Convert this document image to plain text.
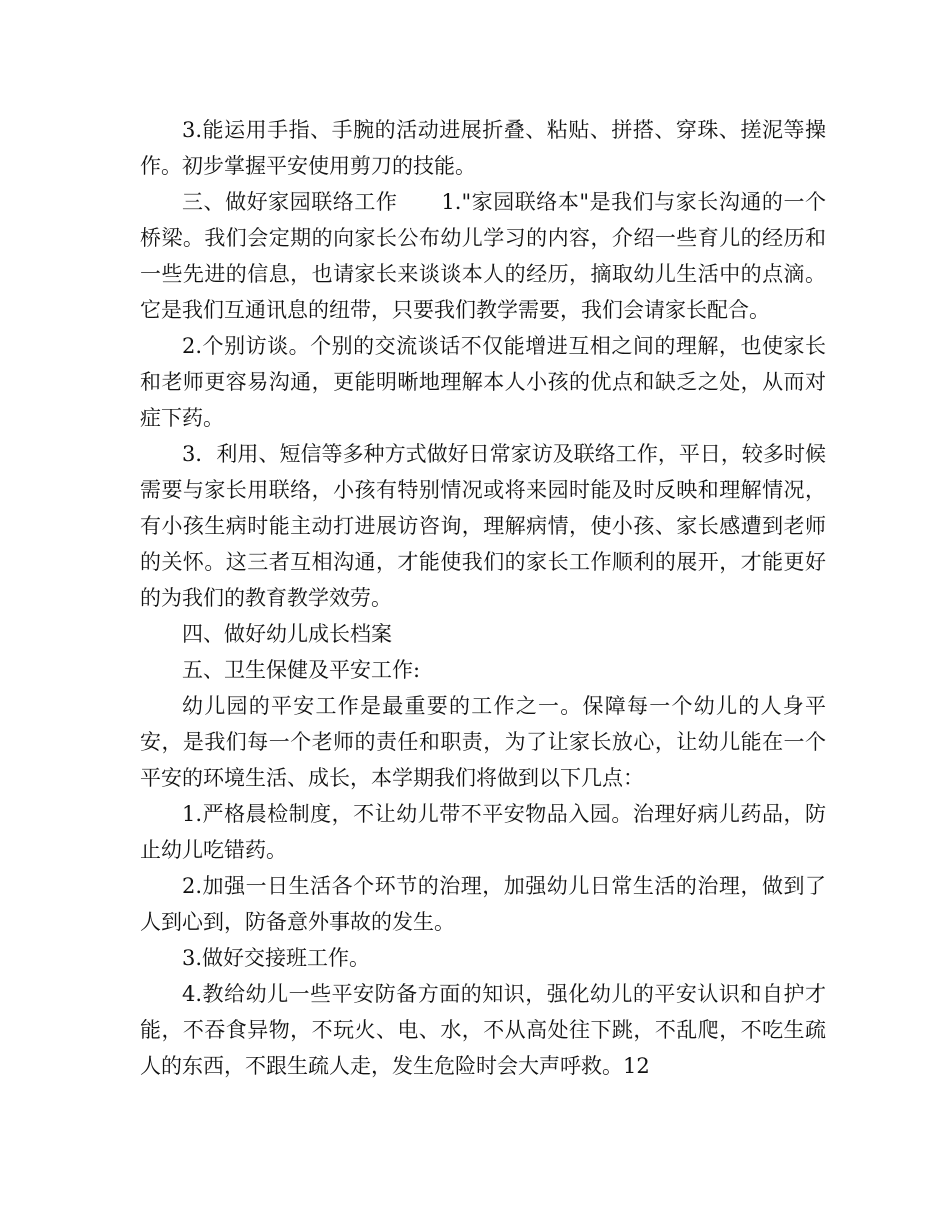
3.能运用手指、手腕的活动进展折叠、粘贴、拼搭、穿珠、搓泥等操作。初步掌握平安使用剪刀的技能。

三、做好家园联络工作 1."家园联络本"是我们与家长沟通的一个桥梁。我们会定期的向家长公布幼儿学习的内容，介绍一些育儿的经历和一些先进的信息，也请家长来谈谈本人的经历，摘取幼儿生活中的点滴。它是我们互通讯息的纽带，只要我们教学需要，我们会请家长配合。

2.个别访谈。个别的交流谈话不仅能增进互相之间的理解，也使家长和老师更容易沟通，更能明晰地理解本人小孩的优点和缺乏之处，从而对症下药。

3．利用、短信等多种方式做好日常家访及联络工作，平日，较多时候需要与家长用联络，小孩有特别情况或将来园时能及时反映和理解情况，有小孩生病时能主动打进展访咨询，理解病情，使小孩、家长感遭到老师的关怀。这三者互相沟通，才能使我们的家长工作顺利的展开，才能更好的为我们的教育教学效劳。

四、做好幼儿成长档案

五、卫生保健及平安工作:

幼儿园的平安工作是最重要的工作之一。保障每一个幼儿的人身平安，是我们每一个老师的责任和职责，为了让家长放心，让幼儿能在一个平安的环境生活、成长，本学期我们将做到以下几点：

1.严格晨检制度，不让幼儿带不平安物品入园。治理好病儿药品，防止幼儿吃错药。

2.加强一日生活各个环节的治理，加强幼儿日常生活的治理，做到了人到心到，防备意外事故的发生。

3.做好交接班工作。

4.教给幼儿一些平安防备方面的知识，强化幼儿的平安认识和自护才能，不吞食异物，不玩火、电、水，不从高处往下跳，不乱爬，不吃生疏人的东西，不跟生疏人走，发生危险时会大声呼救。12
